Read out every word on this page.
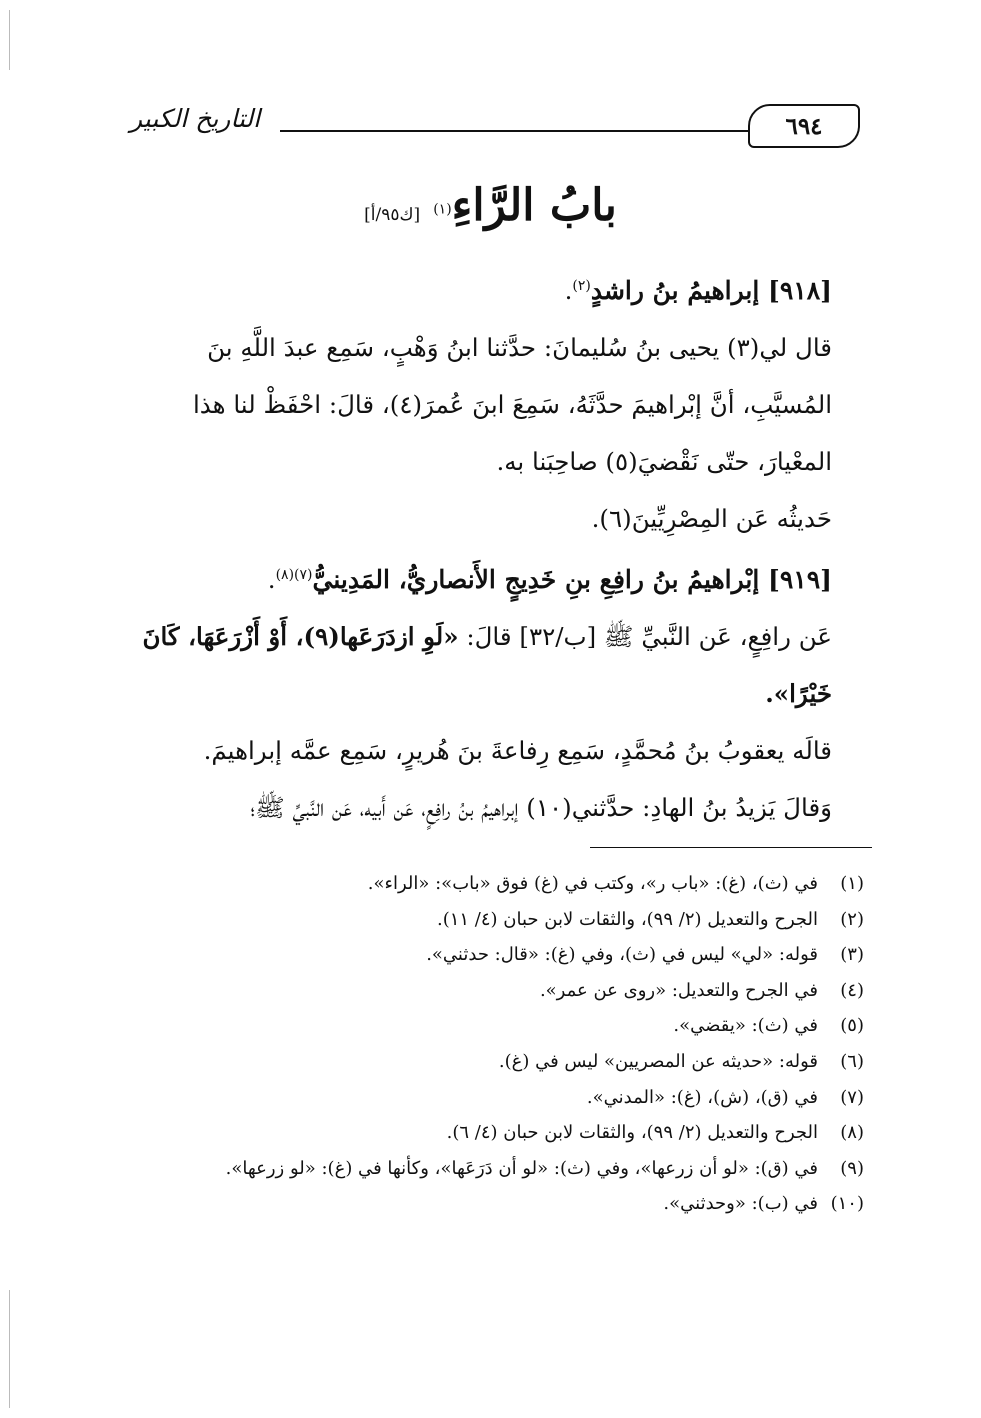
التاريخ الكبير	٦٩٤
بابُ الرَّاءِ(١) [ك٩٥/أ]

[٩١٨] إبراهيمُ بنُ راشدٍ$^{(٢)}$.

قال لي(٣) يحيى بنُ سُليمانَ: حدَّثنا ابنُ وَهْبٍ، سَمِع عبدَ اللَّهِ بنَ المُسيَّبِ، أنَّ إبْراهيمَ حدَّثَهُ، سَمِعَ ابنَ عُمرَ(٤)، قالَ: احْفَظْ لنا هذا المعْيارَ، حتّى نَقْضيَ(٥) صاحِبَنا به.

حَديثُه عَن المِصْرِيِّينَ(٦).

[٩١٩] إبْراهيمُ بنُ رافِعِ بنِ خَدِيجٍ الأَنصاريُّ، المَدِينيُّ$^{(٧)(٨)}$.

عَن رافِعٍ، عَن النَّبيِّ ﷺ [ب/٣٢] قالَ: «لَوِ ازدَرَعَها(٩)، أَوْ أَزْرَعَهَا، كَانَ خَيْرًا».

قالَه يعقوبُ بنُ مُحمَّدٍ، سَمِع رِفاعةَ بنَ هُريرٍ، سَمِع عمَّه إبراهيمَ.

وَقالَ يَزيدُ بنُ الهادِ: حدَّثني(١٠) إبراهيمُ بنُ رافِعٍ، عَن أَبيه، عَن النَّبيِّ ﷺ؛

(١)في (ث)، (غ): «باب ر»، وكتب في (غ) فوق «باب»: «الراء».
(٢)الجرح والتعديل (٢/ ٩٩)، والثقات لابن حبان (٤/ ١١).
(٣)قوله: «لي» ليس في (ث)، وفي (غ): «قال: حدثني».
(٤)في الجرح والتعديل: «روى عن عمر».
(٥)في (ث): «يقضي».
(٦)قوله: «حديثه عن المصريين» ليس في (غ).
(٧)في (ق)، (ش)، (غ): «المدني».
(٨)الجرح والتعديل (٢/ ٩٩)، والثقات لابن حبان (٤/ ٦).
(٩)في (ق): «لو أن زرعها»، وفي (ث): «لو أن دَرَعَها»، وكأنها في (غ): «لو زرعها».
(١٠)في (ب): «وحدثني».
